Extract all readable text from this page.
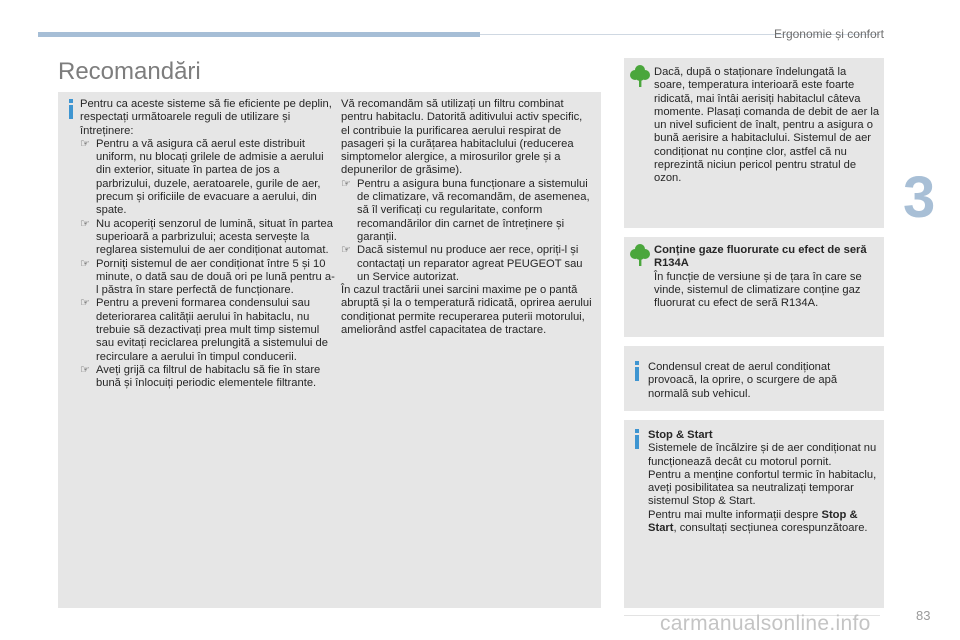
Ergonomie și confort
3
Recomandări

Pentru ca aceste sisteme să fie eficiente pe deplin, respectați următoarele reguli de utilizare și întreținere:

☞ Pentru a vă asigura că aerul este distribuit uniform, nu blocați grilele de admisie a aerului din exterior, situate în partea de jos a parbrizului, duzele, aeratoarele, gurile de aer, precum și orificiile de evacuare a aerului, din spate.
☞ Nu acoperiți senzorul de lumină, situat în partea superioară a parbrizului; acesta servește la reglarea sistemului de aer condiționat automat.
☞ Porniți sistemul de aer condiționat între 5 și 10 minute, o dată sau de două ori pe lună pentru a-l păstra în stare perfectă de funcționare.
☞ Pentru a preveni formarea condensului sau deteriorarea calității aerului în habitaclu, nu trebuie să dezactivați prea mult timp sistemul sau evitați reciclarea prelungită a sistemului de recirculare a aerului în timpul conducerii.
☞ Aveți grijă ca filtrul de habitaclu să fie în stare bună și înlocuiți periodic elementele filtrante.

Vă recomandăm să utilizați un filtru combinat pentru habitaclu. Datorită aditivului activ specific, el contribuie la purificarea aerului respirat de pasageri și la curățarea habitaclului (reducerea simptomelor alergice, a mirosurilor grele și a depunerilor de grăsime).

☞ Pentru a asigura buna funcționare a sistemului de climatizare, vă recomandăm, de asemenea, să îl verificați cu regularitate, conform recomandărilor din carnet de întreținere și garanții.
☞ Dacă sistemul nu produce aer rece, opriți-l și contactați un reparator agreat PEUGEOT sau un Service autorizat.

În cazul tractării unei sarcini maxime pe o pantă abruptă și la o temperatură ridicată, oprirea aerului condiționat permite recuperarea puterii motorului, ameliorând astfel capacitatea de tractare.

Dacă, după o staționare îndelungată la soare, temperatura interioară este foarte ridicată, mai întâi aerisiți habitaclul câteva momente. Plasați comanda de debit de aer la un nivel suficient de înalt, pentru a asigura o bună aerisire a habitaclului. Sistemul de aer condiționat nu conține clor, astfel că nu reprezintă niciun pericol pentru stratul de ozon.

Conține gaze fluorurate cu efect de seră R134A

În funcție de versiune și de țara în care se vinde, sistemul de climatizare conține gaz fluorurat cu efect de seră R134A.

Condensul creat de aerul condiționat provoacă, la oprire, o scurgere de apă normală sub vehicul.

Stop & Start

Sistemele de încălzire și de aer condiționat nu funcționează decât cu motorul pornit.

Pentru a menține confortul termic în habitaclu, aveți posibilitatea sa neutralizați temporar sistemul Stop & Start.

Pentru mai multe informații despre Stop & Start, consultați secțiunea corespunzătoare.

carmanualsonline.info	83
